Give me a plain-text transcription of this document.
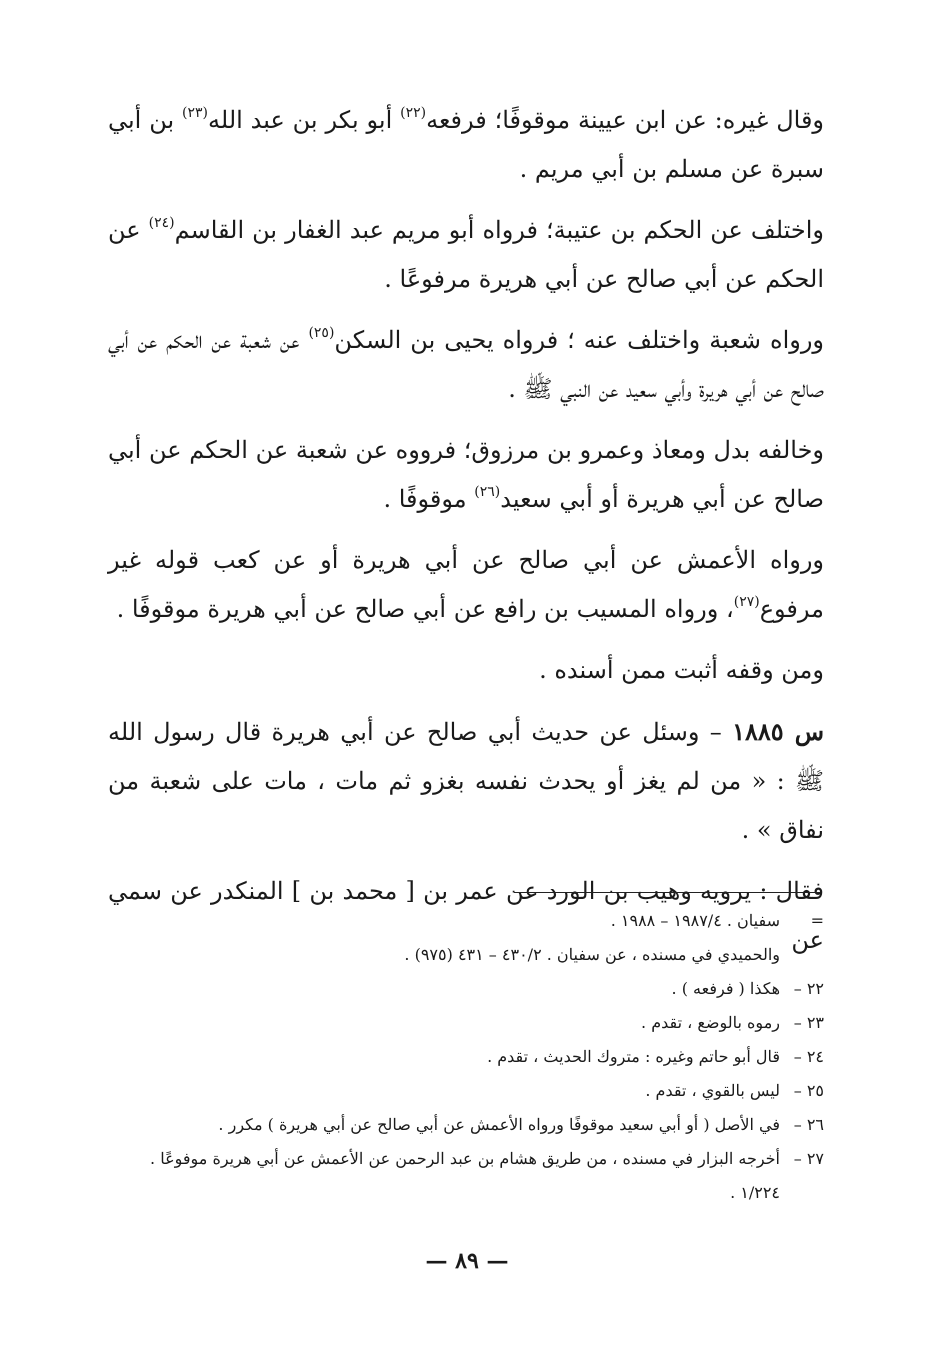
وقال غيره: عن ابن عيينة موقوفًا؛ فرفعه$^{(٢٢)}$ أبو بكر بن عبد الله$^{(٢٣)}$ بن أبي سبرة عن مسلم بن أبي مريم .

واختلف عن الحكم بن عتيبة؛ فرواه أبو مريم عبد الغفار بن القاسم$^{(٢٤)}$ عن الحكم عن أبي صالح عن أبي هريرة مرفوعًا .

ورواه شعبة واختلف عنه ؛ فرواه يحيى بن السكن$^{(٢٥)}$ عن شعبة عن الحكم عن أبي صالح عن أبي هريرة وأبي سعيد عن النبي ﷺ .

وخالفه بدل ومعاذ وعمرو بن مرزوق؛ فرووه عن شعبة عن الحكم عن أبي صالح عن أبي هريرة أو أبي سعيد$^{(٢٦)}$ موقوفًا .

ورواه الأعمش عن أبي صالح عن أبي هريرة أو عن كعب قوله غير مرفوع$^{(٢٧)}$، ورواه المسيب بن رافع عن أبي صالح عن أبي هريرة موقوفًا .

ومن وقفه أثبت ممن أسنده .

س ١٨٨٥ – وسئل عن حديث أبي صالح عن أبي هريرة قال رسول الله ﷺ : « من لم يغز أو يحدث نفسه بغزو ثم مات ، مات على شعبة من نفاق » .

فقال : يرويه وهيب بن الورد عن عمر بن [ محمد بن ] المنكدر عن سمي عن

=
سفيان . ١٩٨٧/٤ – ١٩٨٨ .
والحميدي في مسنده ، عن سفيان . ٤٣٠/٢ – ٤٣١ (٩٧٥) .
٢٢ –
هكذا ( فرفعه ) .
٢٣ –
رموه بالوضع ، تقدم .
٢٤ –
قال أبو حاتم وغيره : متروك الحديث ، تقدم .
٢٥ –
ليس بالقوي ، تقدم .
٢٦ –
في الأصل ( أو أبي سعيد موقوفًا ورواه الأعمش عن أبي صالح عن أبي هريرة ) مكرر .
٢٧ –
أخرجه البزار في مسنده ، من طريق هشام بن عبد الرحمن عن الأعمش عن أبي هريرة موفوعًا .
١/٢٢٤ .
— ٨٩ —
